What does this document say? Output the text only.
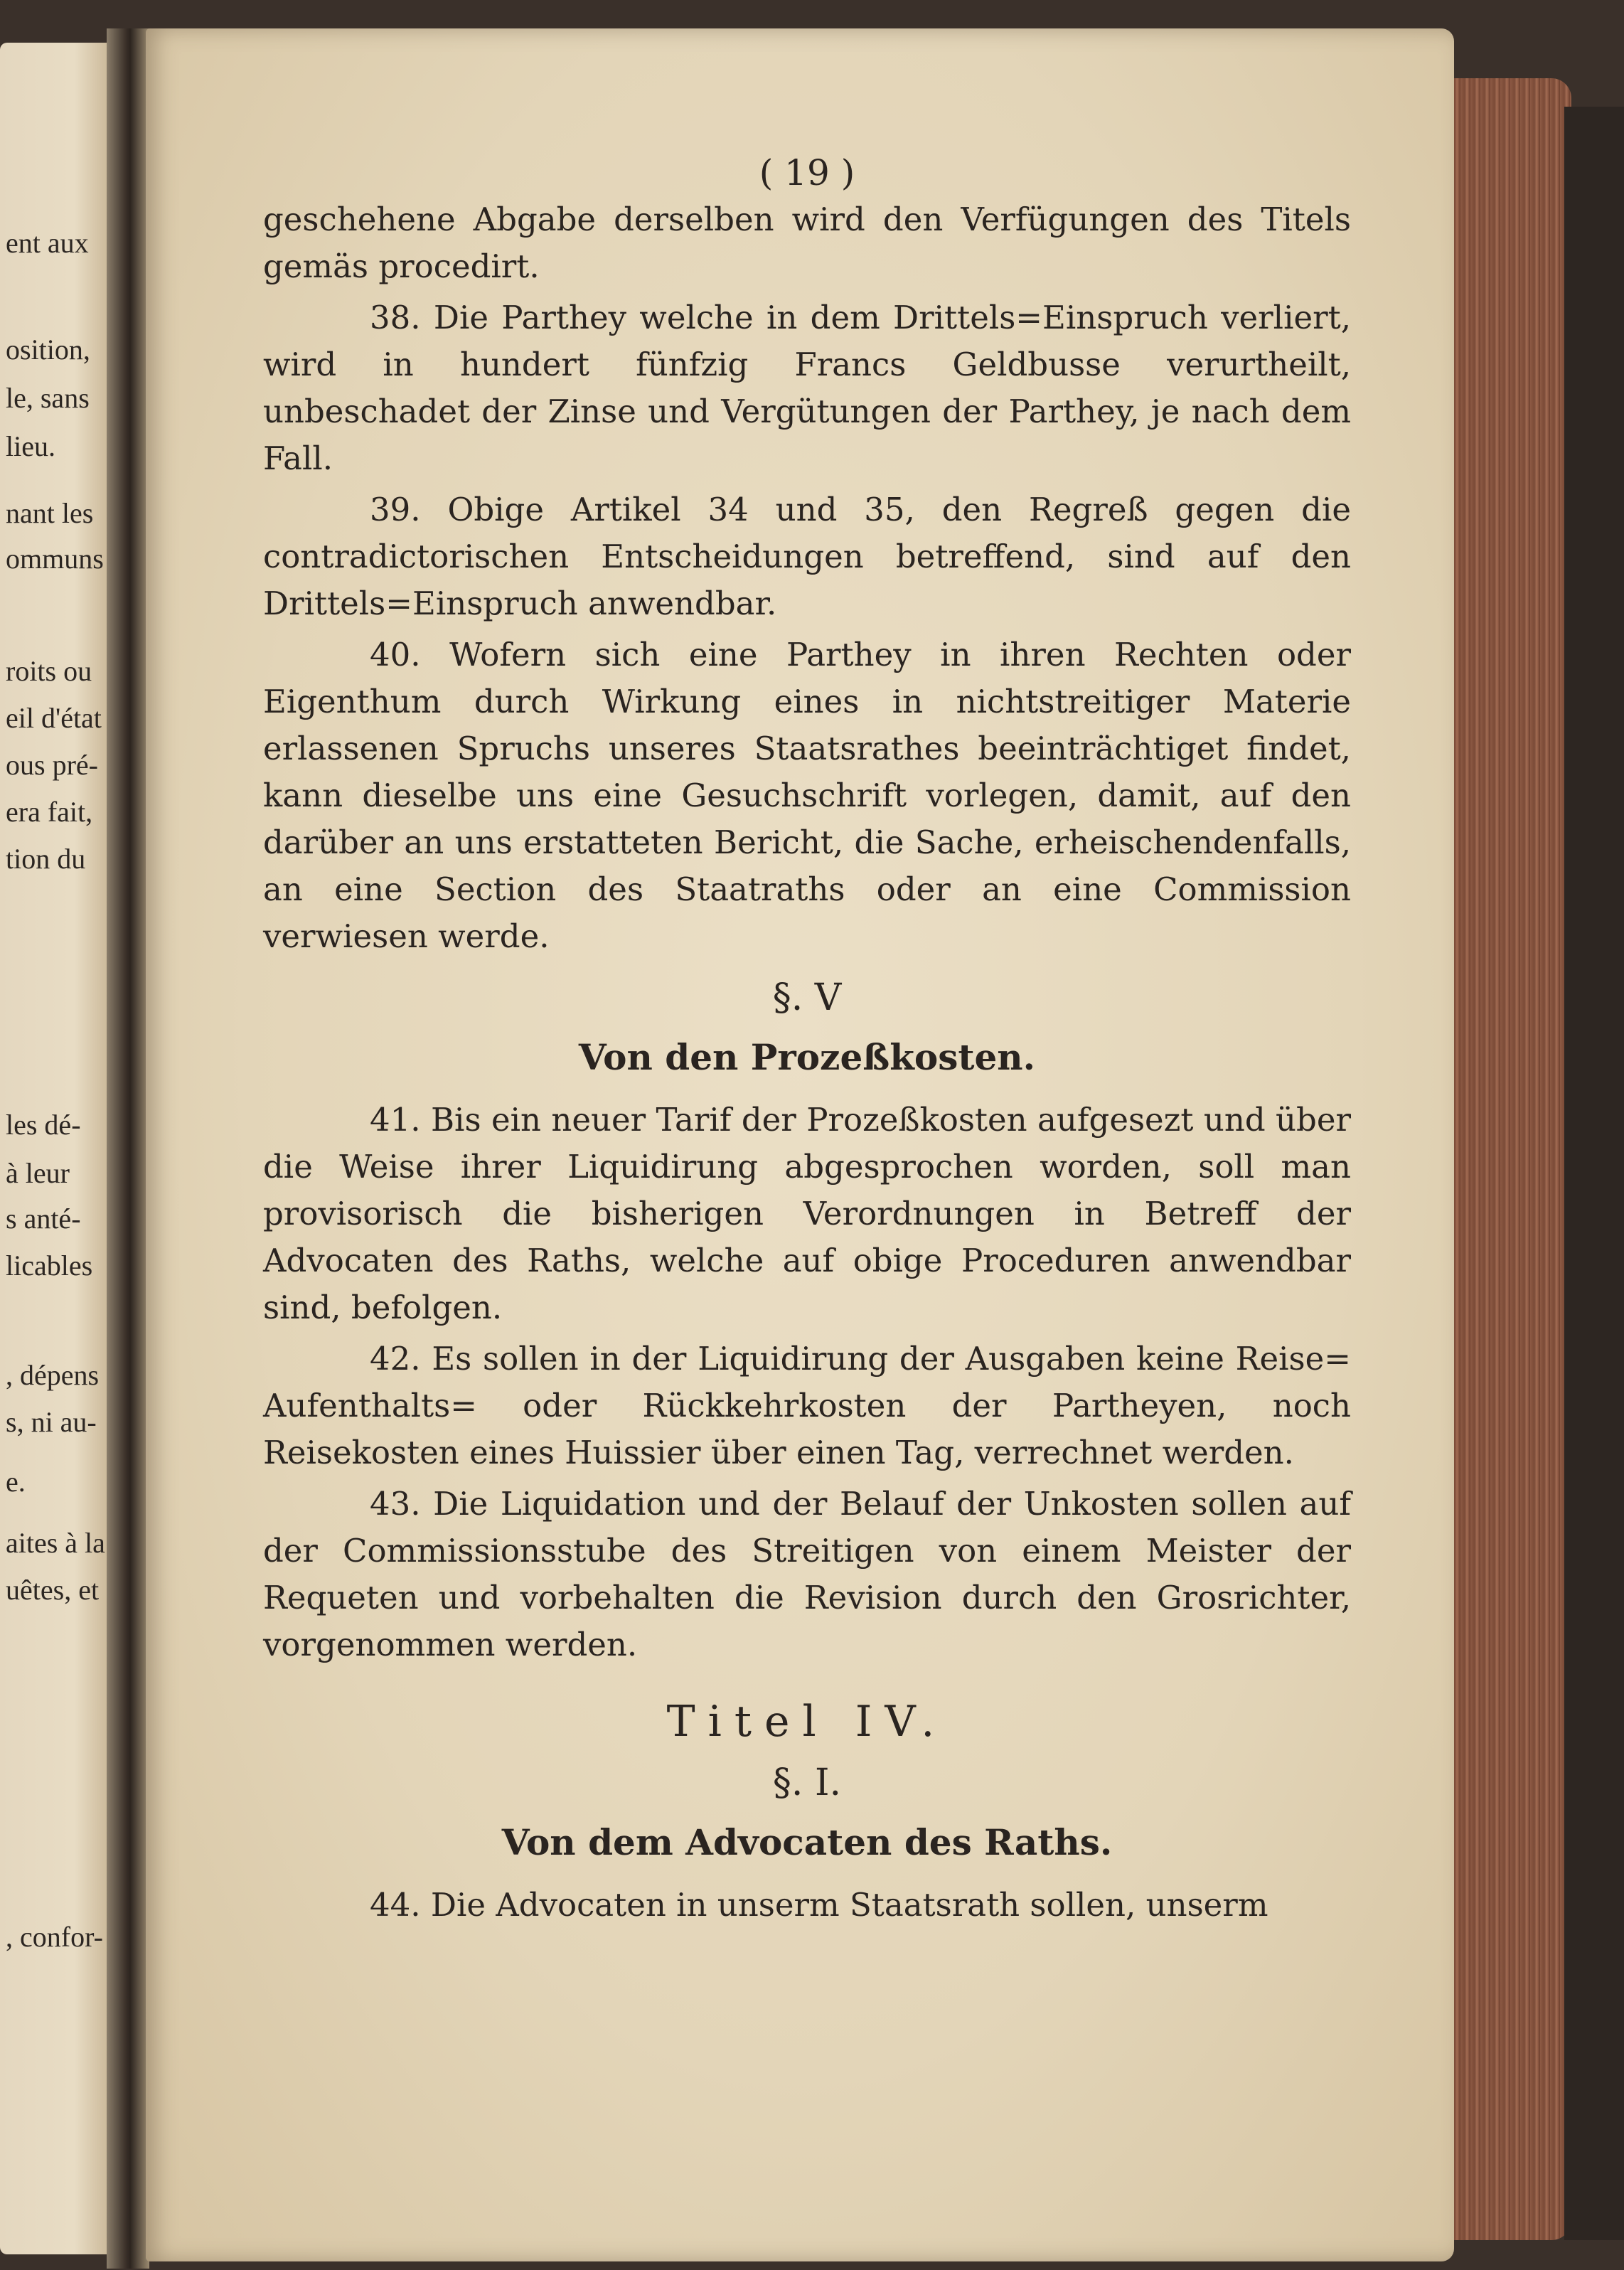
ent aux
osition,
le, sans
lieu.
nant les
ommuns
roits ou
eil d'état
ous pré-
era fait,
tion du
les dé-
à leur
s anté-
licables
, dépens
s, ni au-
e.
aites à la
uêtes, et
, confor-
( 19 )

geschehene Abgabe derselben wird den Verfügungen des Titels gemäs procedirt.

38. Die Parthey welche in dem Drittels=Einspruch verliert, wird in hundert fünfzig Francs Geldbusse verurtheilt, unbeschadet der Zinse und Vergütungen der Parthey, je nach dem Fall.

39. Obige Artikel 34 und 35, den Regreß gegen die contradictorischen Entscheidungen betreffend, sind auf den Drittels=Einspruch anwendbar.

40. Wofern sich eine Parthey in ihren Rechten oder Eigenthum durch Wirkung eines in nichtstreitiger Materie erlassenen Spruchs unseres Staatsrathes beeinträchtiget findet, kann dieselbe uns eine Gesuchschrift vorlegen, damit, auf den darüber an uns erstatteten Bericht, die Sache, erheischendenfalls, an eine Section des Staatraths oder an eine Commission verwiesen werde.

§. V
Von den Prozeßkosten.

41. Bis ein neuer Tarif der Prozeßkosten aufgesezt und über die Weise ihrer Liquidirung abgesprochen worden, soll man provisorisch die bisherigen Verordnungen in Betreff der Advocaten des Raths, welche auf obige Proceduren anwendbar sind, befolgen.

42. Es sollen in der Liquidirung der Ausgaben keine Reise= Aufenthalts= oder Rückkehrkosten der Partheyen, noch Reisekosten eines Huissier über einen Tag, verrechnet werden.

43. Die Liquidation und der Belauf der Unkosten sollen auf der Commissionsstube des Streitigen von einem Meister der Requeten und vorbehalten die Revision durch den Grosrichter, vorgenommen werden.

Titel IV.
§. I.
Von dem Advocaten des Raths.

44. Die Advocaten in unserm Staatsrath sollen, unserm
